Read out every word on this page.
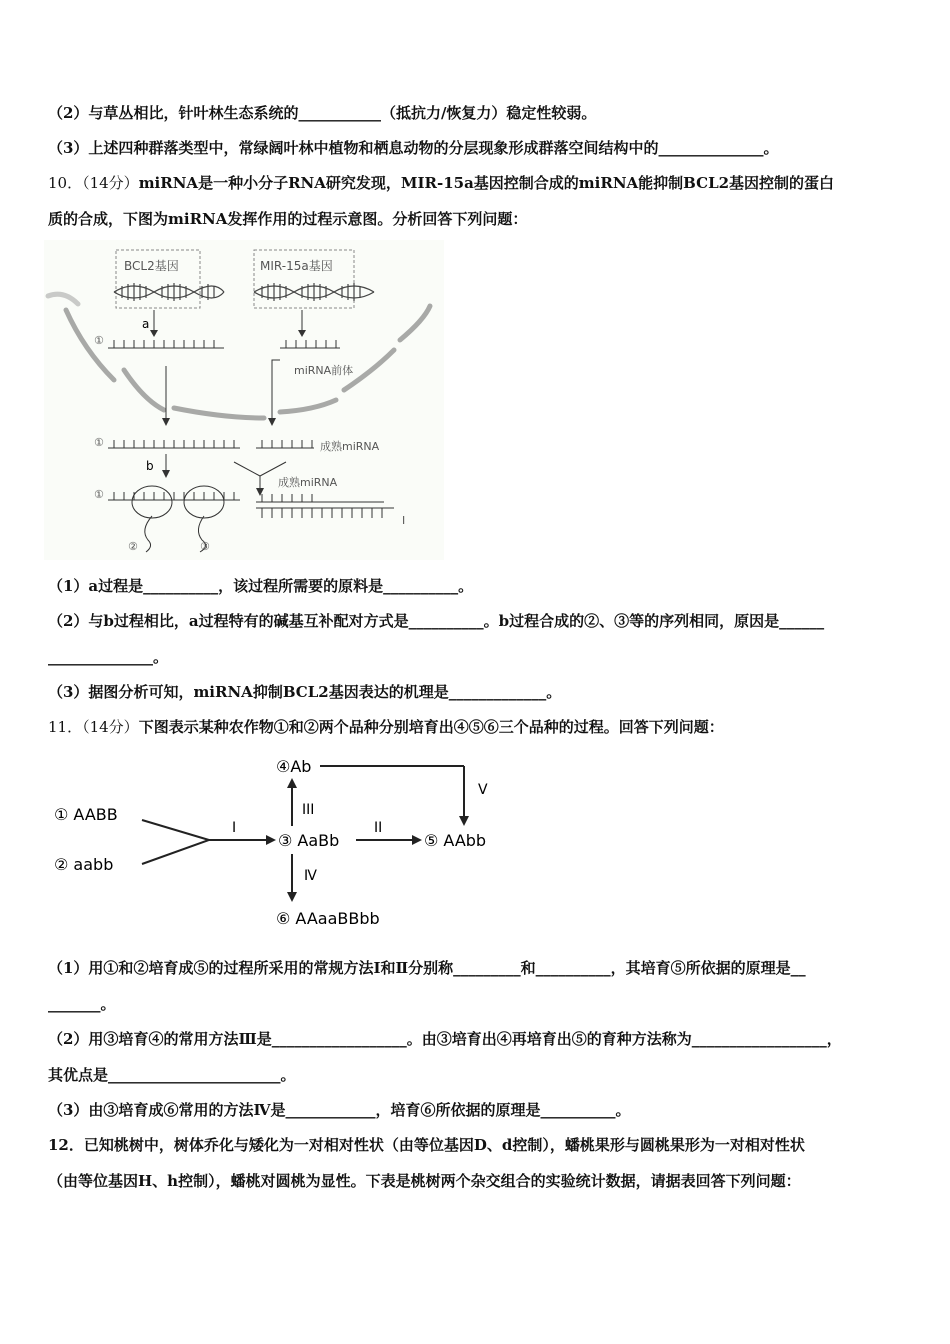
（2）与草丛相比，针叶林生态系统的___________（抵抗力/恢复力）稳定性较弱。
（3）上述四种群落类型中，常绿阔叶林中植物和栖息动物的分层现象形成群落空间结构中的______________。
10．（14分）miRNA是一种小分子RNA研究发现，MIR-15a基因控制合成的miRNA能抑制BCL2基因控制的蛋白
质的合成，下图为miRNA发挥作用的过程示意图。分析回答下列问题：
BCL2基因	MIR-15a基因
a
①
miRNA前体
①	成熟miRNA
b
成熟miRNA
①
②	③
I
（1）a过程是__________，该过程所需要的原料是__________。
（2）与b过程相比，a过程特有的碱基互补配对方式是__________。b过程合成的②、③等的序列相同，原因是______
______________。
（3）据图分析可知，miRNA抑制BCL2基因表达的机理是_____________。
11．（14分）下图表示某种农作物①和②两个品种分别培育出④⑤⑥三个品种的过程。回答下列问题：
① AABB
② aabb
I
③ AaBb
II
⑤ AAbb
III
④Ab
V
Ⅳ
⑥ AAaaBBbb
（1）用①和②培育成⑤的过程所采用的常规方法Ⅰ和Ⅱ分别称_________和__________，其培育⑤所依据的原理是__
_______。
（2）用③培育④的常用方法Ⅲ是__________________。由③培育出④再培育出⑤的育种方法称为__________________，
其优点是_______________________。
（3）由③培育成⑥常用的方法Ⅳ是____________，培育⑥所依据的原理是__________。
12．已知桃树中，树体乔化与矮化为一对相对性状（由等位基因D、d控制），蟠桃果形与圆桃果形为一对相对性状
（由等位基因H、h控制），蟠桃对圆桃为显性。下表是桃树两个杂交组合的实验统计数据，请据表回答下列问题：
